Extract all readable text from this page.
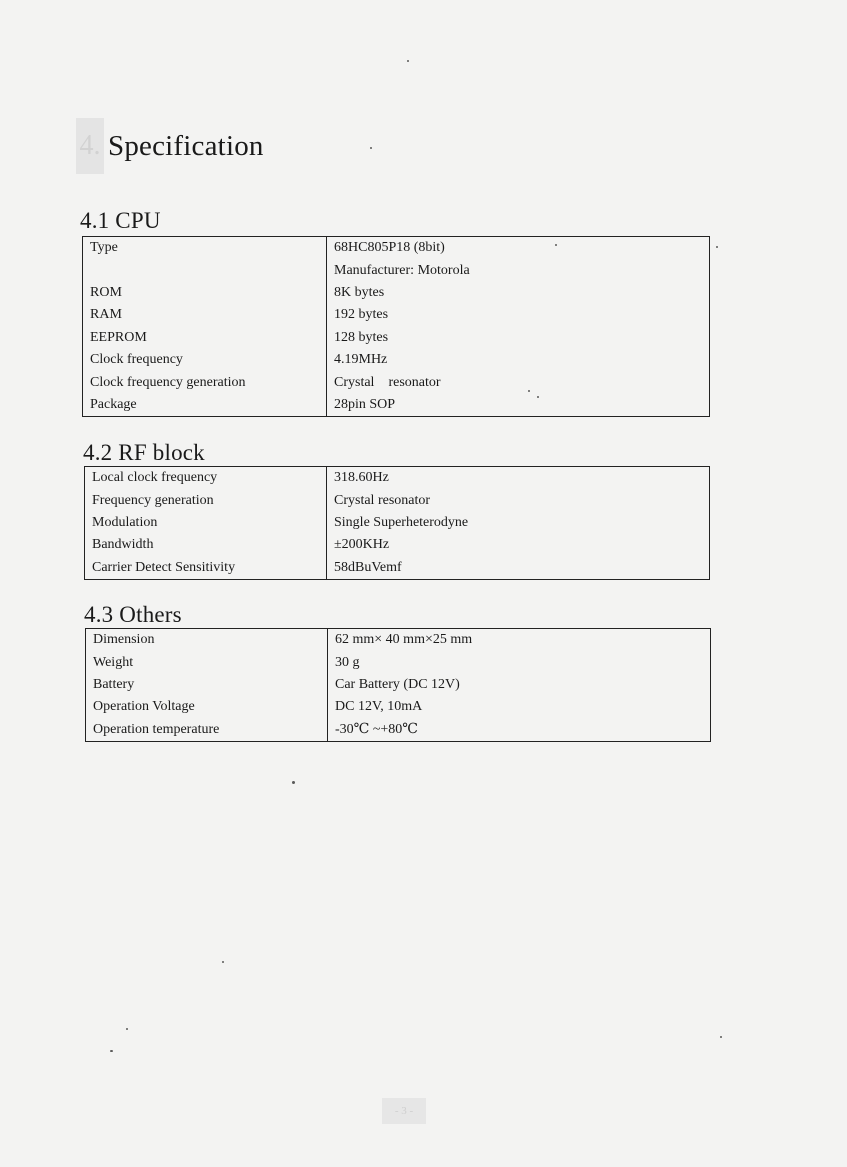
4. Specification
4.1 CPU
Type	68HC805P18 (8bit)
	Manufacturer: Motorola
ROM	8K bytes
RAM	192 bytes
EEPROM	128 bytes
Clock frequency	4.19MHz
Clock frequency generation	Crystal    resonator
Package	28pin SOP
4.2 RF block
Local clock frequency	318.60Hz
Frequency generation	Crystal resonator
Modulation	Single Superheterodyne
Bandwidth	±200KHz
Carrier Detect Sensitivity	58dBuVemf
4.3 Others
Dimension	62 mm× 40 mm×25 mm
Weight	30 g
Battery	Car Battery (DC 12V)
Operation Voltage	DC 12V, 10mA
Operation temperature	-30℃ ~+80℃
- 3 -
